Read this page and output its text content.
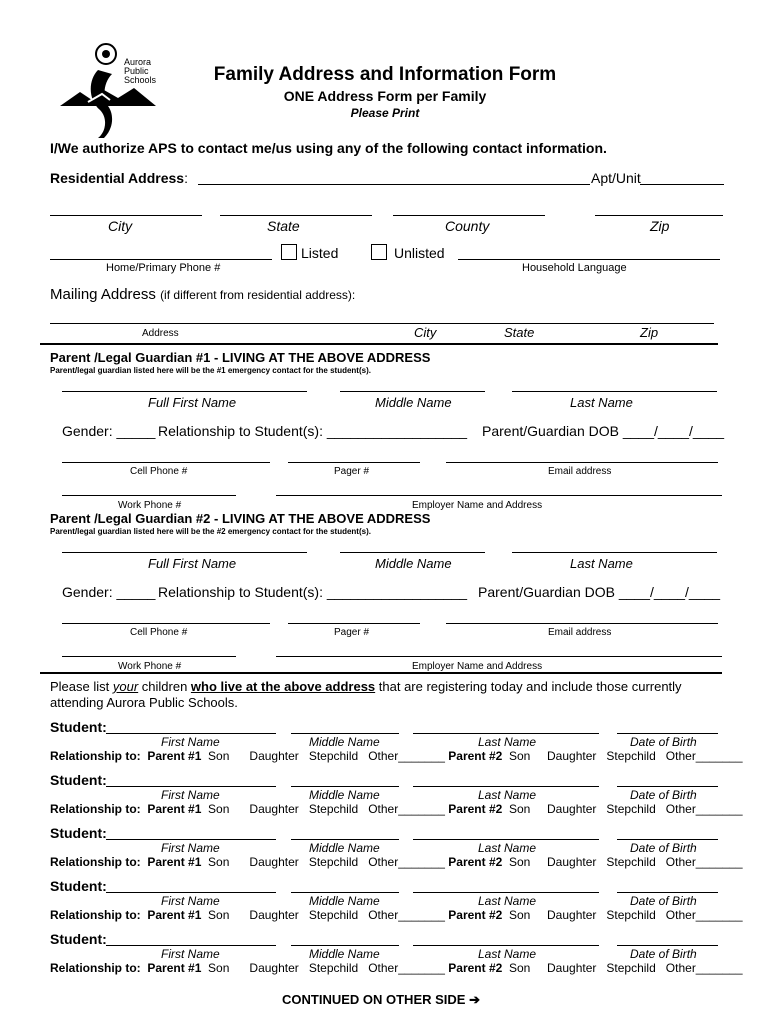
Aurora
Public
Schools	Family Address and Information Form
ONE Address Form per Family
Please Print
I/We authorize APS to contact me/us using any of the following contact information.
Residential Address:	Apt/Unit
City	State	County	Zip
Listed	Unlisted
Home/Primary Phone #	Household Language
Mailing Address (if different from residential address):
Address	City	State	Zip
Parent /Legal Guardian #1 - LIVING AT THE ABOVE ADDRESS
Parent/legal guardian listed here will be the #1 emergency contact for the student(s).
Full First Name	Middle Name	Last Name
Gender: _____ Relationship to Student(s): __________________ Parent/Guardian DOB ____/____/____
Cell Phone #	Pager #	Email address
Work Phone #	Employer Name and Address
Parent /Legal Guardian #2 - LIVING AT THE ABOVE ADDRESS
Parent/legal guardian listed here will be the #2 emergency contact for the student(s).
Full First Name	Middle Name	Last Name
Gender: _____ Relationship to Student(s): __________________ Parent/Guardian DOB ____/____/____
Cell Phone #	Pager #	Email address
Work Phone #	Employer Name and Address
Please list your children who live at the above address that are registering today and include those currently
attending Aurora Public Schools.
Student:
First Name	Middle Name	Last Name	Date of Birth
Relationship to: Parent #1 Son Daughter Stepchild Other_______ Parent #2 Son Daughter Stepchild Other_______
Student:
First Name	Middle Name	Last Name	Date of Birth
Relationship to: Parent #1 Son Daughter Stepchild Other_______ Parent #2 Son Daughter Stepchild Other_______
Student:
First Name	Middle Name	Last Name	Date of Birth
Relationship to: Parent #1 Son Daughter Stepchild Other_______ Parent #2 Son Daughter Stepchild Other_______
Student:
First Name	Middle Name	Last Name	Date of Birth
Relationship to: Parent #1 Son Daughter Stepchild Other_______ Parent #2 Son Daughter Stepchild Other_______
Student:
First Name	Middle Name	Last Name	Date of Birth
Relationship to: Parent #1 Son Daughter Stepchild Other_______ Parent #2 Son Daughter Stepchild Other_______
CONTINUED ON OTHER SIDE ➔
